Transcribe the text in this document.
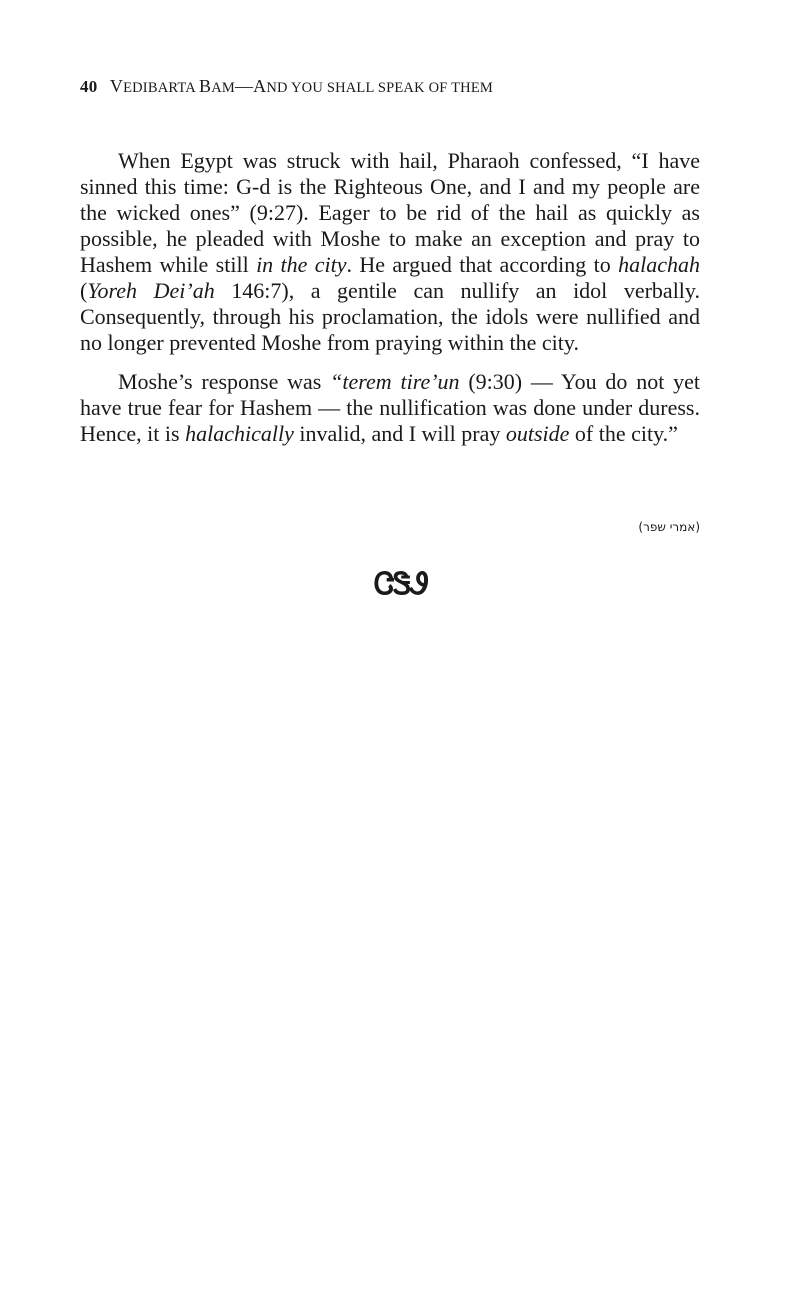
40 VEDIBARTA BAM—AND YOU SHALL SPEAK OF THEM

When Egypt was struck with hail, Pharaoh confessed, “I have sinned this time: G-d is the Righteous One, and I and my people are the wicked ones” (9:27). Eager to be rid of the hail as quickly as possible, he pleaded with Moshe to make an exception and pray to Hashem while still in the city. He argued that according to halachah (Yoreh Dei’ah 146:7), a gentile can nullify an idol verbally. Consequently, through his proclamation, the idols were nullified and no longer prevented Moshe from praying within the city.

Moshe’s response was “terem tire’un (9:30) — You do not yet have true fear for Hashem — the nullification was done under duress. Hence, it is halachically invalid, and I will pray outside of the city.”

(אמרי שפר)
ᏣᏕᏭ
